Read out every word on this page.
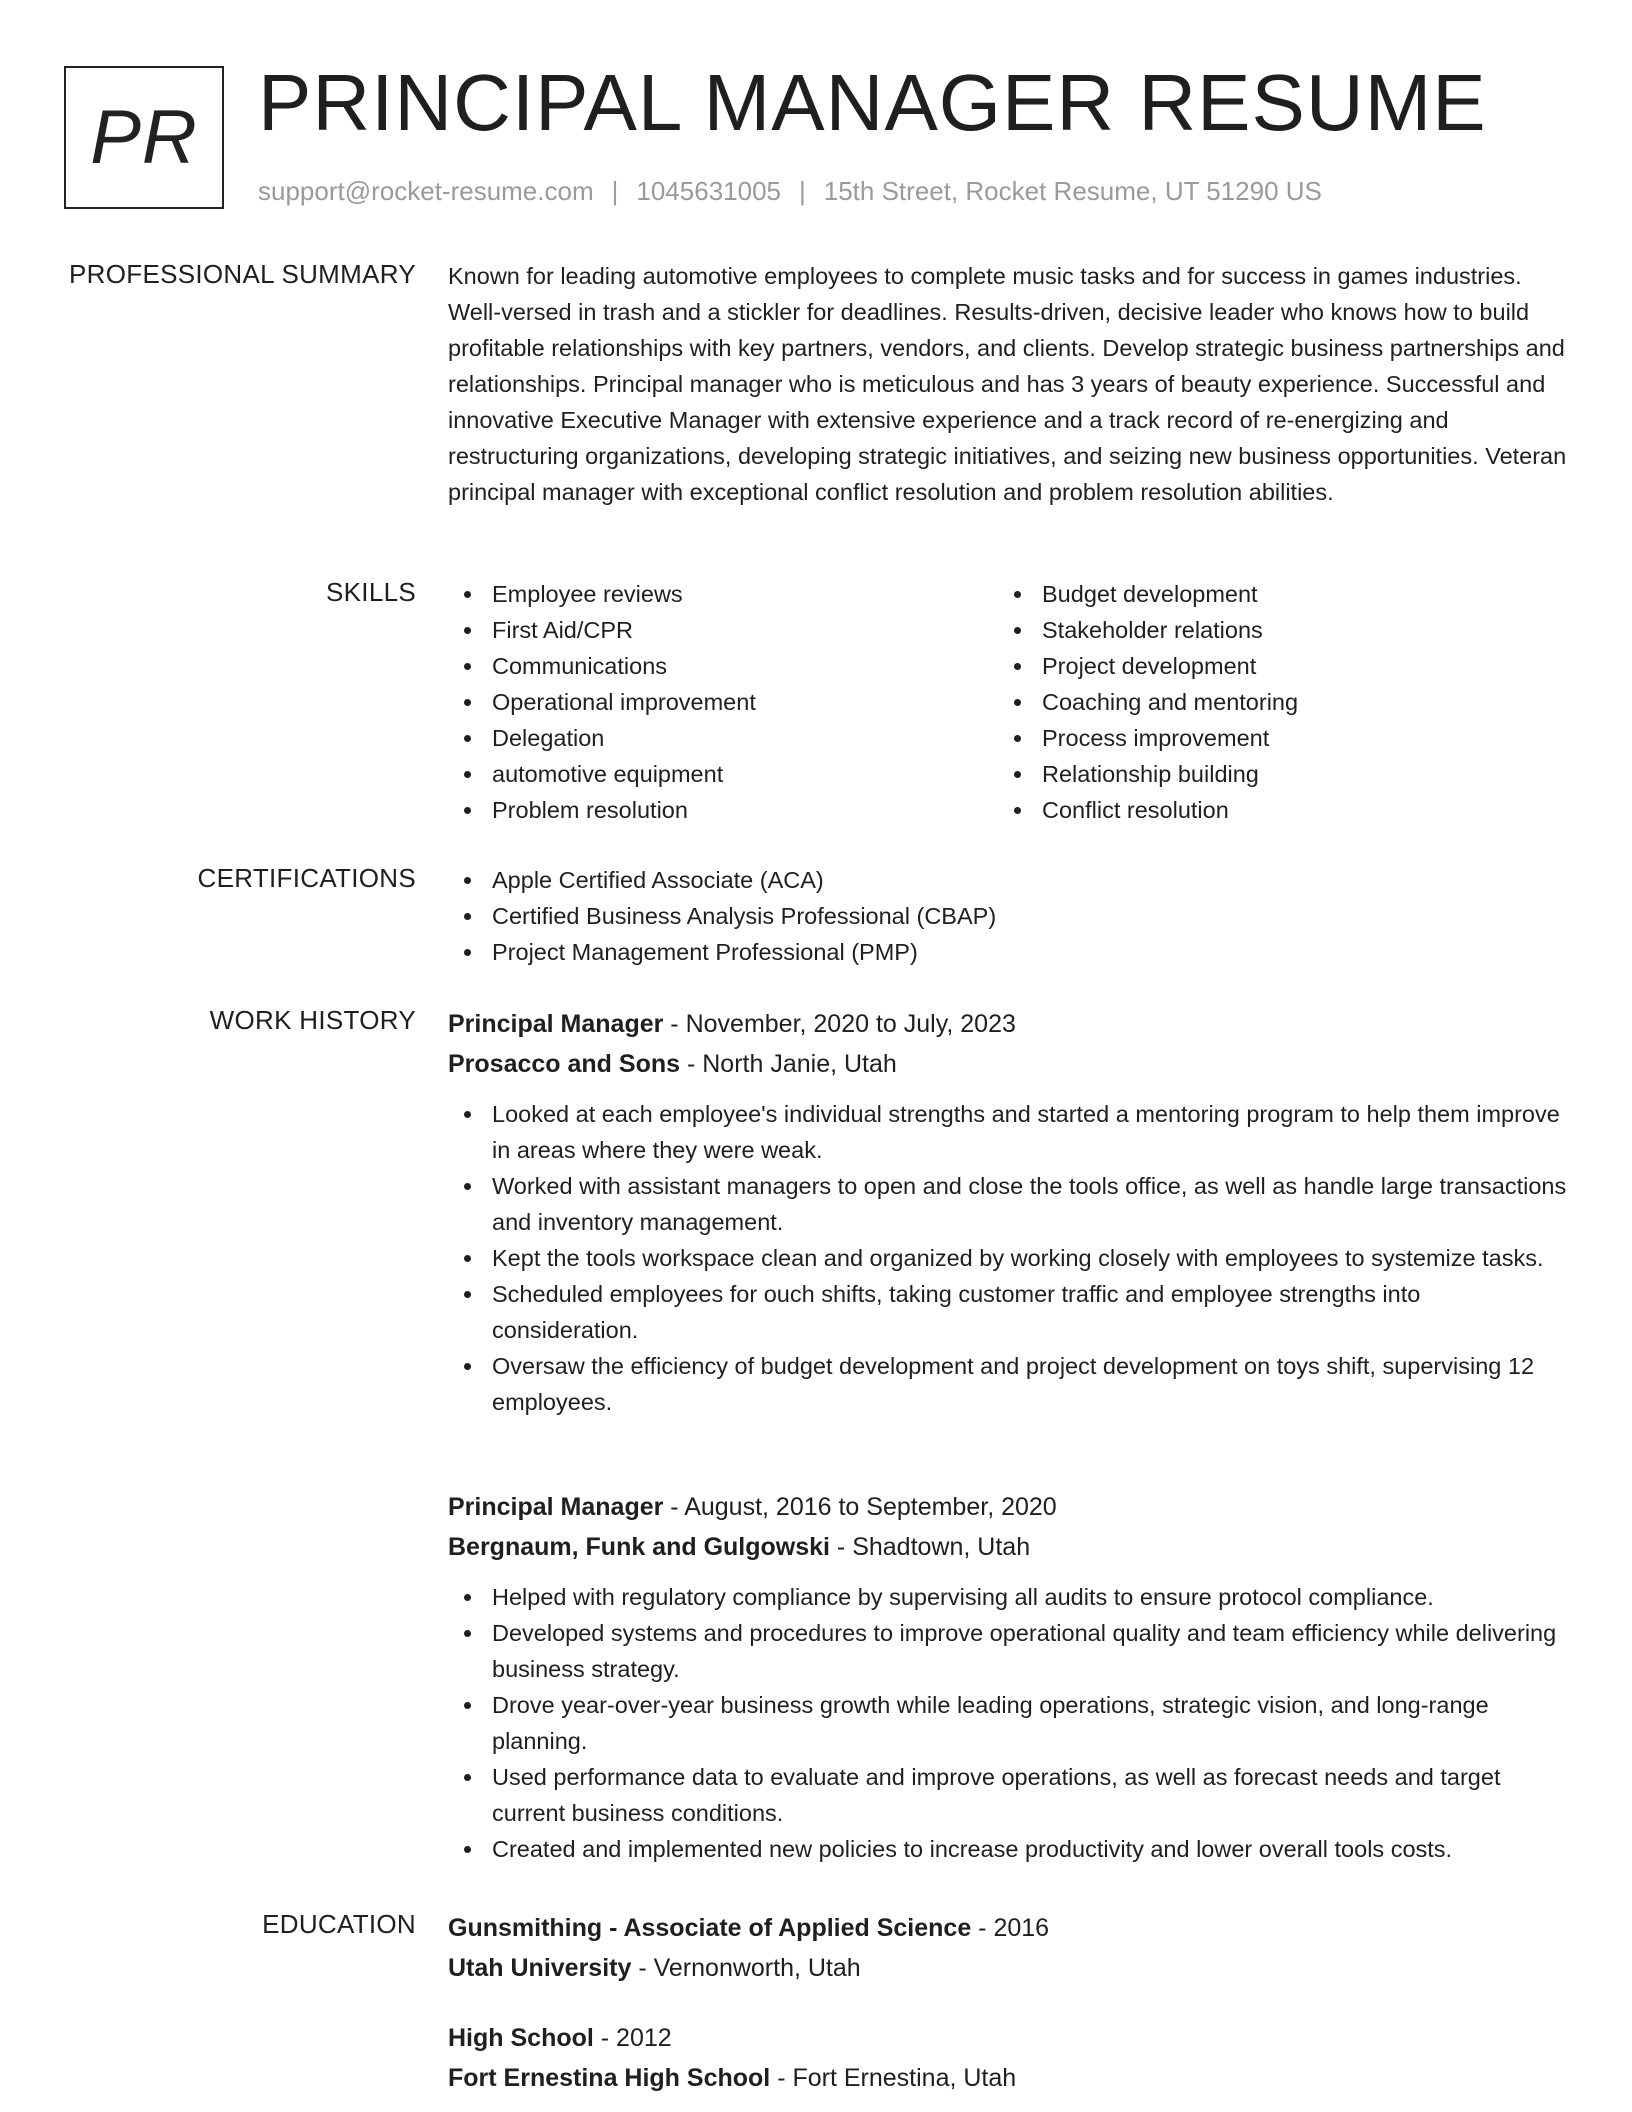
PR PRINCIPAL MANAGER RESUME
support@rocket-resume.com | 1045631005 | 15th Street, Rocket Resume, UT 51290 US
PROFESSIONAL SUMMARY Known for leading automotive employees to complete music tasks and for success in games industries. Well-versed in trash and a stickler for deadlines. Results-driven, decisive leader who knows how to build profitable relationships with key partners, vendors, and clients. Develop strategic business partnerships and relationships. Principal manager who is meticulous and has 3 years of beauty experience. Successful and innovative Executive Manager with extensive experience and a track record of re-energizing and restructuring organizations, developing strategic initiatives, and seizing new business opportunities. Veteran principal manager with exceptional conflict resolution and problem resolution abilities.
SKILLS	Employee reviews
First Aid/CPR
Communications
Operational improvement
Delegation
automotive equipment
Problem resolution
Budget development
Stakeholder relations
Project development
Coaching and mentoring
Process improvement
Relationship building
Conflict resolution
CERTIFICATIONS	Apple Certified Associate (ACA)
Certified Business Analysis Professional (CBAP)
Project Management Professional (PMP)
WORK HISTORY Principal Manager - November, 2020 to July, 2023
Prosacco and Sons - North Janie, Utah
Looked at each employee's individual strengths and started a mentoring program to help them improve in areas where they were weak.
Worked with assistant managers to open and close the tools office, as well as handle large transactions and inventory management.
Kept the tools workspace clean and organized by working closely with employees to systemize tasks.
Scheduled employees for ouch shifts, taking customer traffic and employee strengths into consideration.
Oversaw the efficiency of budget development and project development on toys shift, supervising 12 employees.
Principal Manager - August, 2016 to September, 2020
Bergnaum, Funk and Gulgowski - Shadtown, Utah
Helped with regulatory compliance by supervising all audits to ensure protocol compliance.
Developed systems and procedures to improve operational quality and team efficiency while delivering business strategy.
Drove year-over-year business growth while leading operations, strategic vision, and long-range planning.
Used performance data to evaluate and improve operations, as well as forecast needs and target current business conditions.
Created and implemented new policies to increase productivity and lower overall tools costs.
EDUCATION Gunsmithing - Associate of Applied Science - 2016
Utah University - Vernonworth, Utah
High School - 2012
Fort Ernestina High School - Fort Ernestina, Utah
